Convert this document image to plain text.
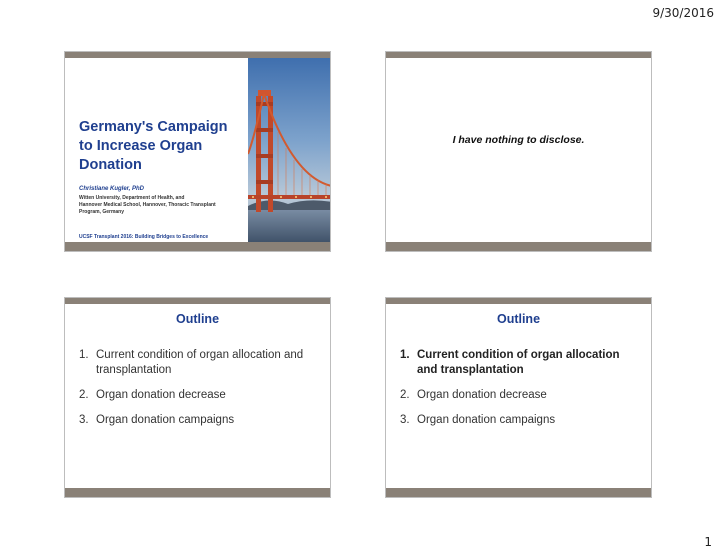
9/30/2016
Germany's Campaign
to Increase Organ
Donation
Christiane Kugler, PhD
Witten University, Department of Health, and
Hannover Medical School, Hannover, Thoracic Transplant
Program, Germany
UCSF Transplant 2016: Building Bridges to Excellence
I have nothing to disclose.
Outline
1. Current condition of organ allocation and
transplantation
2. Organ donation decrease
3. Organ donation campaigns
Outline
1. Current condition of organ allocation
and transplantation
2. Organ donation decrease
3. Organ donation campaigns
1
